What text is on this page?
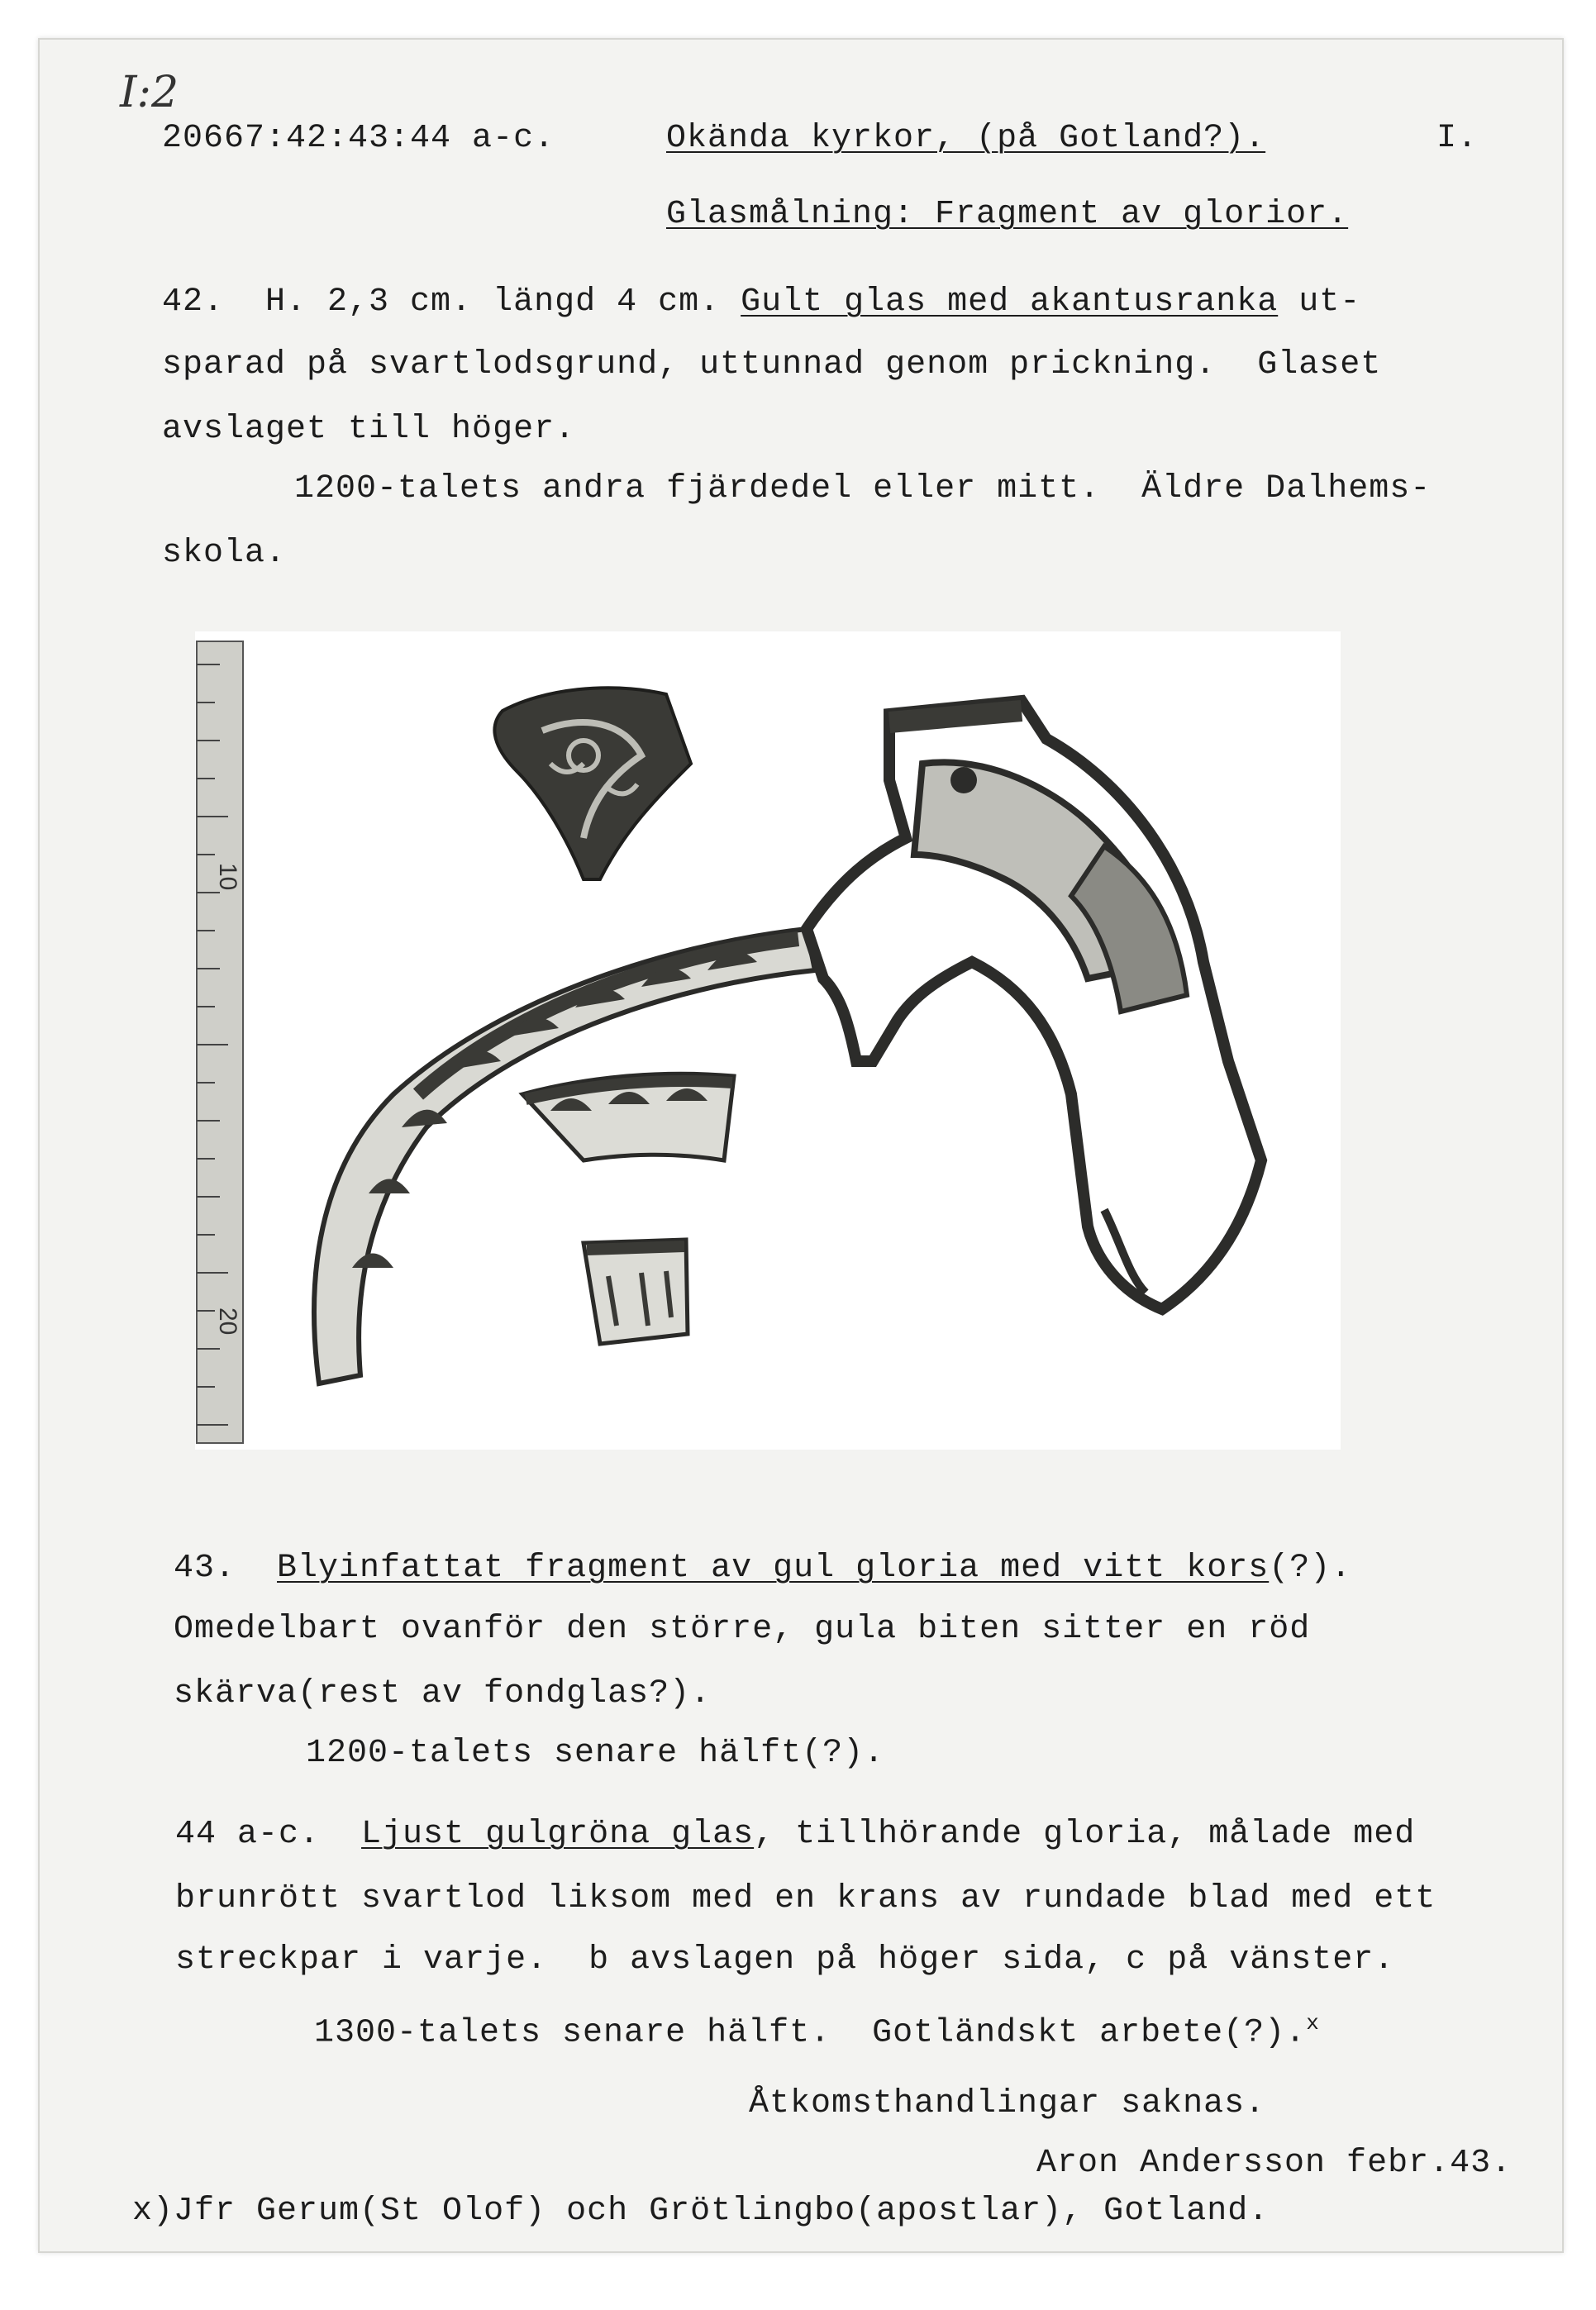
I:2
20667:42:43:44 a-c.	Okända kyrkor, (på Gotland?).	I.
Glasmålning: Fragment av glorior.
42.  H. 2,3 cm. längd 4 cm. Gult glas med akantusranka ut-
sparad på svartlodsgrund, uttunnad genom prickning.  Glaset
avslaget till höger.
1200-talets andra fjärdedel eller mitt.  Äldre Dalhems-
skola.
10
20
43.  Blyinfattat fragment av gul gloria med vitt kors(?).
Omedelbart ovanför den större, gula biten sitter en röd
skärva(rest av fondglas?).
1200-talets senare hälft(?).
44 a-c.  Ljust gulgröna glas, tillhörande gloria, målade med
brunrött svartlod liksom med en krans av rundade blad med ett
streckpar i varje.  b avslagen på höger sida, c på vänster.
1300-talets senare hälft.  Gotländskt arbete(?).$^x$
Åtkomsthandlingar saknas.
Aron Andersson febr.43.
x)Jfr Gerum(St Olof) och Grötlingbo(apostlar), Gotland.
